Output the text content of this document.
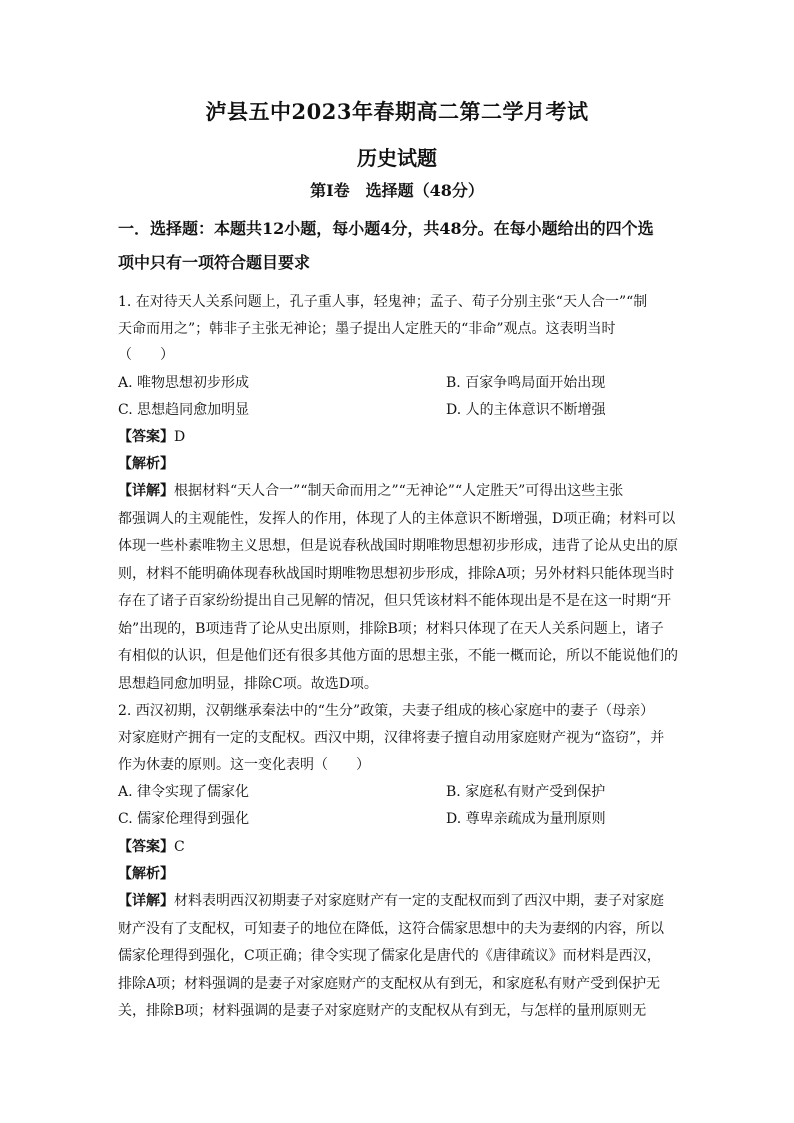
泸县五中2023年春期高二第二学月考试
历史试题
第Ⅰ卷　选择题（48分）
一．选择题：本题共12小题，每小题4分，共48分。在每小题给出的四个选
项中只有一项符合题目要求
1. 在对待天人关系问题上，孔子重人事，轻鬼神；孟子、荀子分别主张“天人合一”“制
天命而用之”；韩非子主张无神论；墨子提出人定胜天的“非命”观点。这表明当时
（　　）
A. 唯物思想初步形成	B. 百家争鸣局面开始出现
C. 思想趋同愈加明显	D. 人的主体意识不断增强
【答案】D
【解析】
【详解】根据材料“天人合一”“制天命而用之”“无神论”“人定胜天”可得出这些主张
都强调人的主观能性，发挥人的作用，体现了人的主体意识不断增强，D项正确；材料可以
体现一些朴素唯物主义思想，但是说春秋战国时期唯物思想初步形成，违背了论从史出的原
则，材料不能明确体现春秋战国时期唯物思想初步形成，排除A项；另外材料只能体现当时
存在了诸子百家纷纷提出自己见解的情况，但只凭该材料不能体现出是不是在这一时期“开
始”出现的，B项违背了论从史出原则，排除B项；材料只体现了在天人关系问题上，诸子
有相似的认识，但是他们还有很多其他方面的思想主张，不能一概而论，所以不能说他们的
思想趋同愈加明显，排除C项。故选D项。
2. 西汉初期，汉朝继承秦法中的“生分”政策，夫妻子组成的核心家庭中的妻子（母亲）
对家庭财产拥有一定的支配权。西汉中期，汉律将妻子擅自动用家庭财产视为“盗窃”，并
作为休妻的原则。这一变化表明（　　）
A. 律令实现了儒家化	B. 家庭私有财产受到保护
C. 儒家伦理得到强化	D. 尊卑亲疏成为量刑原则
【答案】C
【解析】
【详解】材料表明西汉初期妻子对家庭财产有一定的支配权而到了西汉中期，妻子对家庭
财产没有了支配权，可知妻子的地位在降低，这符合儒家思想中的夫为妻纲的内容，所以
儒家伦理得到强化，C项正确；律令实现了儒家化是唐代的《唐律疏议》而材料是西汉，
排除A项；材料强调的是妻子对家庭财产的支配权从有到无，和家庭私有财产受到保护无
关，排除B项；材料强调的是妻子对家庭财产的支配权从有到无，与怎样的量刑原则无
